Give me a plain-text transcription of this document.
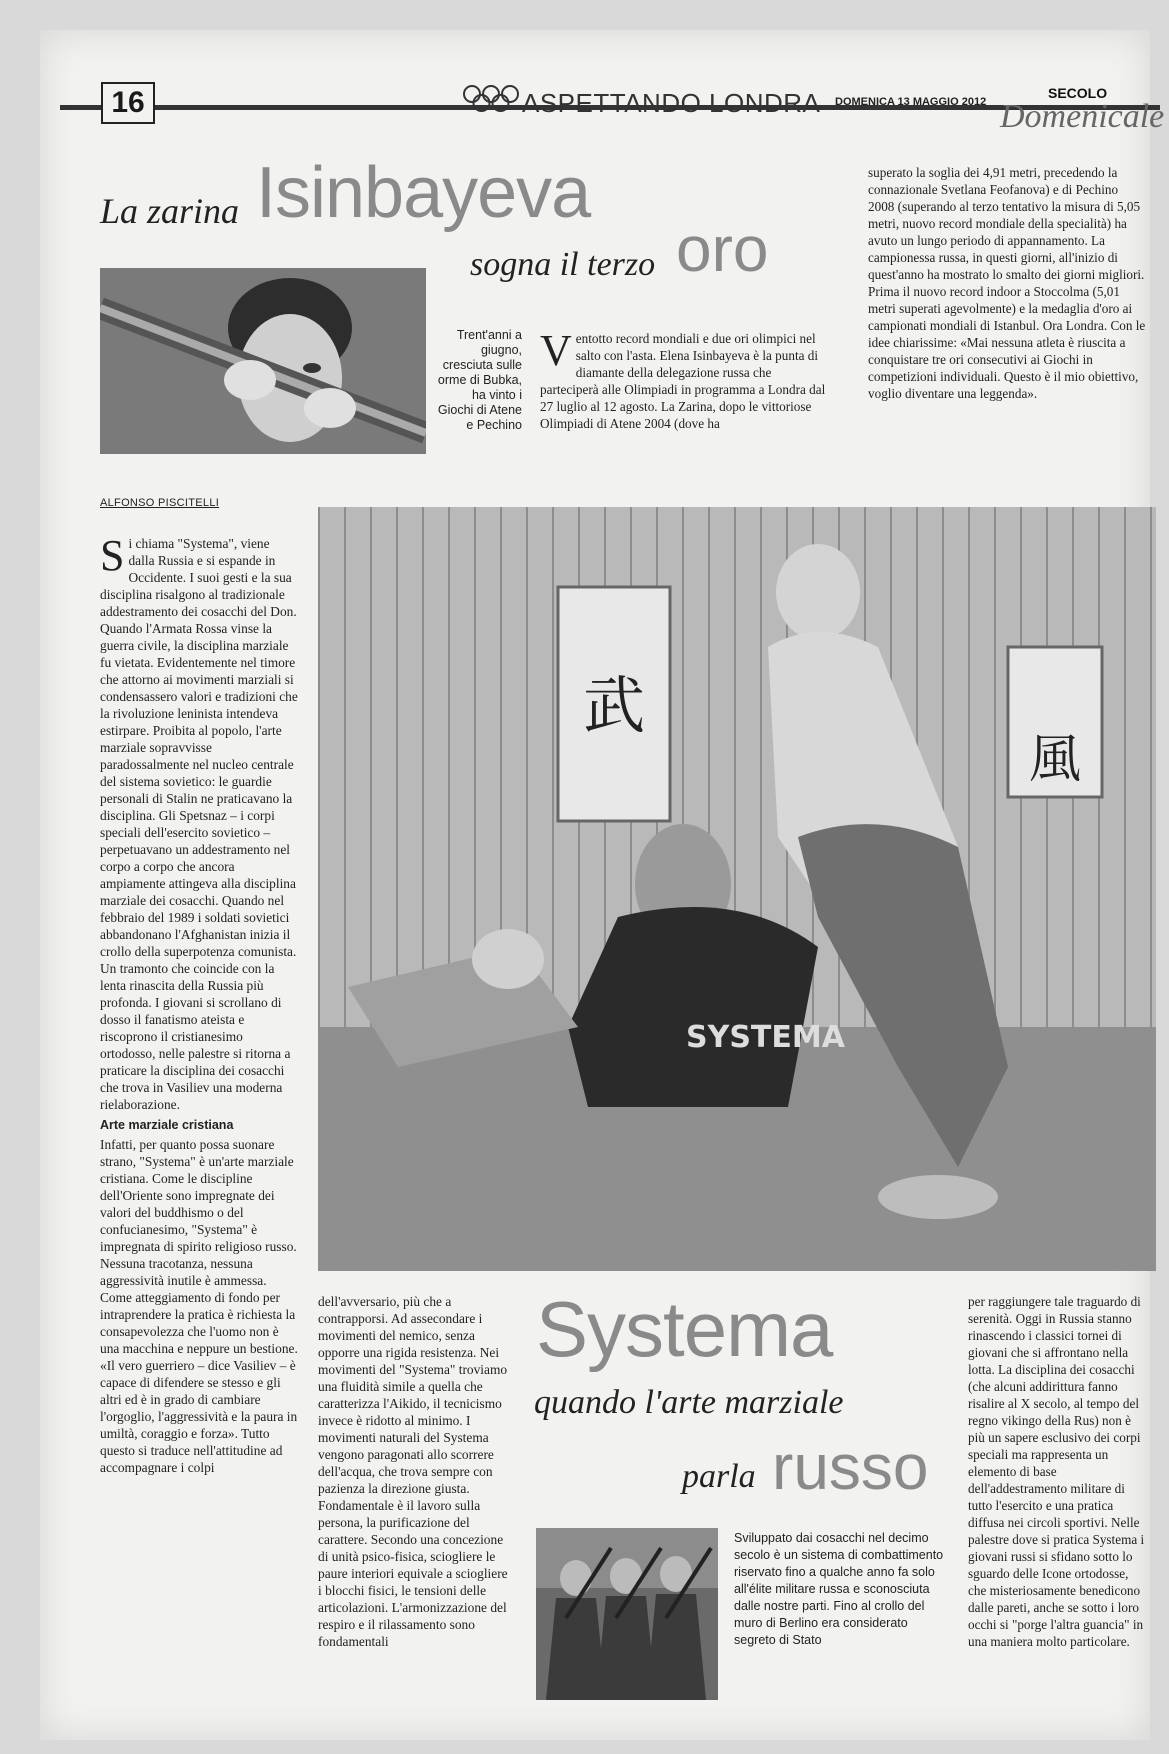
16	ASPETTANDO LONDRA DOMENICA 13 MAGGIO 2012 Domenicale
SECOLO
La zarina Isinbayeva
sogna il terzo oro
Trent'anni a giugno, cresciuta sulle orme di Bubka, ha vinto i Giochi di Atene e Pechino
V entotto record mondiali e due ori olimpici nel salto con l'asta. Elena Isinbayeva è la punta di diamante della delegazione russa che parteciperà alle Olimpiadi in programma a Londra dal 27 luglio al 12 agosto. La Zarina, dopo le vittoriose Olimpiadi di Atene 2004 (dove ha
superato la soglia dei 4,91 metri, precedendo la connazionale Svetlana Feofanova) e di Pechino 2008 (superando al terzo tentativo la misura di 5,05 metri, nuovo record mondiale della specialità) ha avuto un lungo periodo di appannamento. La campionessa russa, in questi giorni, all'inizio di quest'anno ha mostrato lo smalto dei giorni migliori. Prima il nuovo record indoor a Stoccolma (5,01 metri superati agevolmente) e la medaglia d'oro ai campionati mondiali di Istanbul. Ora Londra. Con le idee chiarissime: «Mai nessuna atleta è riuscita a conquistare tre ori consecutivi ai Giochi in competizioni individuali. Questo è il mio obiettivo, voglio diventare una leggenda».
ALFONSO PISCITELLI
S i chiama "Systema", viene dalla Russia e si espande in Occidente. I suoi gesti e la sua disciplina risalgono al tradizionale addestramento dei cosacchi del Don. Quando l'Armata Rossa vinse la guerra civile, la disciplina marziale fu vietata. Evidentemente nel timore che attorno ai movimenti marziali si condensassero valori e tradizioni che la rivoluzione leninista intendeva estirpare. Proibita al popolo, l'arte marziale sopravvisse paradossalmente nel nucleo centrale del sistema sovietico: le guardie personali di Stalin ne praticavano la disciplina. Gli Spetsnaz – i corpi speciali dell'esercito sovietico – perpetuavano un addestramento nel corpo a corpo che ancora ampiamente attingeva alla disciplina marziale dei cosacchi. Quando nel febbraio del 1989 i soldati sovietici abbandonano l'Afghanistan inizia il crollo della superpotenza comunista. Un tramonto che coincide con la lenta rinascita della Russia più profonda. I giovani si scrollano di dosso il fanatismo ateista e riscoprono il cristianesimo ortodosso, nelle palestre si ritorna a praticare la disciplina dei cosacchi che trova in Vasiliev una moderna rielaborazione.
Arte marziale cristiana
Infatti, per quanto possa suonare strano, "Systema" è un'arte marziale cristiana. Come le discipline dell'Oriente sono impregnate dei valori del buddhismo o del confucianesimo, "Systema" è impregnata di spirito religioso russo. Nessuna tracotanza, nessuna aggressività inutile è ammessa. Come atteggiamento di fondo per intraprendere la pratica è richiesta la consapevolezza che l'uomo non è una macchina e neppure un bestione. «Il vero guerriero – dice Vasiliev – è capace di difendere se stesso e gli altri ed è in grado di cambiare l'orgoglio, l'aggressività e la paura in umiltà, coraggio e forza». Tutto questo si traduce nell'attitudine ad accompagnare i colpi
武
風
SYSTEMA
Systema
quando l'arte marziale
parla russo
dell'avversario, più che a contrapporsi. Ad assecondare i movimenti del nemico, senza opporre una rigida resistenza. Nei movimenti del "Systema" troviamo una fluidità simile a quella che caratterizza l'Aikido, il tecnicismo invece è ridotto al minimo. I movimenti naturali del Systema vengono paragonati allo scorrere dell'acqua, che trova sempre con pazienza la direzione giusta. Fondamentale è il lavoro sulla persona, la purificazione del carattere. Secondo una concezione di unità psico-fisica, sciogliere le paure interiori equivale a sciogliere i blocchi fisici, le tensioni delle articolazioni. L'armonizzazione del respiro e il rilassamento sono fondamentali
Sviluppato dai cosacchi nel decimo secolo è un sistema di combattimento riservato fino a qualche anno fa solo all'élite militare russa e sconosciuta dalle nostre parti. Fino al crollo del muro di Berlino era considerato segreto di Stato
per raggiungere tale traguardo di serenità. Oggi in Russia stanno rinascendo i classici tornei di giovani che si affrontano nella lotta. La disciplina dei cosacchi (che alcuni addirittura fanno risalire al X secolo, al tempo del regno vikingo della Rus) non è più un sapere esclusivo dei corpi speciali ma rappresenta un elemento di base dell'addestramento militare di tutto l'esercito e una pratica diffusa nei circoli sportivi. Nelle palestre dove si pratica Systema i giovani russi si sfidano sotto lo sguardo delle Icone ortodosse, che misteriosamente benedicono dalle pareti, anche se sotto i loro occhi si "porge l'altra guancia" in una maniera molto particolare.
